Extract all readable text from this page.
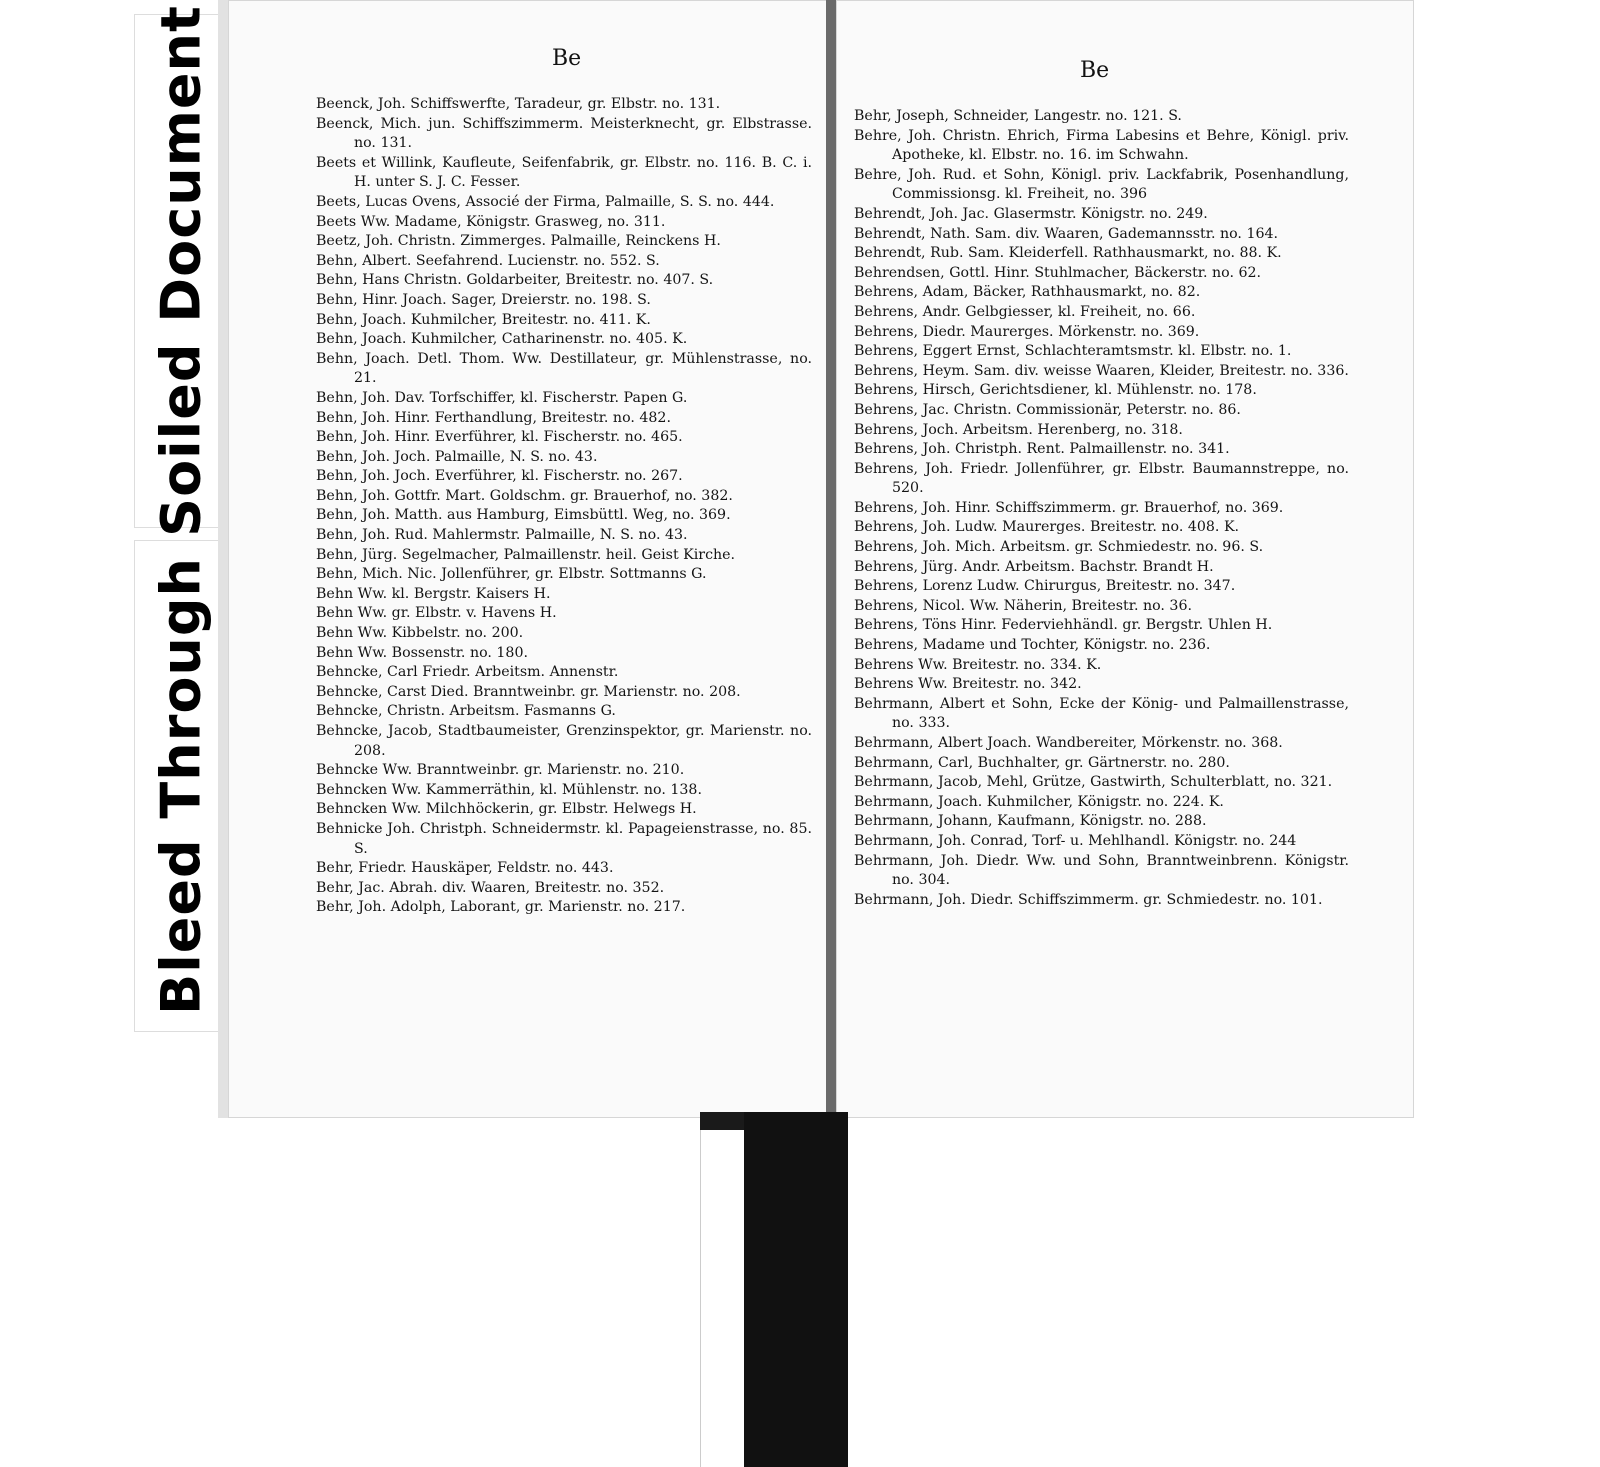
Soiled Document
Bleed Through
Be	Be
Beenck, Joh. Schiffswerfte, Taradeur, gr. Elbstr. no. 131.
Beenck, Mich. jun. Schiffszimmerm. Meisterknecht, gr. Elbstrasse. no. 131.
Beets et Willink, Kaufleute, Seifenfabrik, gr. Elbstr. no. 116. B. C. i. H. unter S. J. C. Fesser.
Beets, Lucas Ovens, Associé der Firma, Palmaille, S. S. no. 444.
Beets Ww. Madame, Königstr. Grasweg, no. 311.
Beetz, Joh. Christn. Zimmerges. Palmaille, Reinckens H.
Behn, Albert. Seefahrend. Lucienstr. no. 552. S.
Behn, Hans Christn. Goldarbeiter, Breitestr. no. 407. S.
Behn, Hinr. Joach. Sager, Dreierstr. no. 198. S.
Behn, Joach. Kuhmilcher, Breitestr. no. 411. K.
Behn, Joach. Kuhmilcher, Catharinenstr. no. 405. K.
Behn, Joach. Detl. Thom. Ww. Destillateur, gr. Mühlenstrasse, no. 21.
Behn, Joh. Dav. Torfschiffer, kl. Fischerstr. Papen G.
Behn, Joh. Hinr. Ferthandlung, Breitestr. no. 482.
Behn, Joh. Hinr. Everführer, kl. Fischerstr. no. 465.
Behn, Joh. Joch. Palmaille, N. S. no. 43.
Behn, Joh. Joch. Everführer, kl. Fischerstr. no. 267.
Behn, Joh. Gottfr. Mart. Goldschm. gr. Brauerhof, no. 382.
Behn, Joh. Matth. aus Hamburg, Eimsbüttl. Weg, no. 369.
Behn, Joh. Rud. Mahlermstr. Palmaille, N. S. no. 43.
Behn, Jürg. Segelmacher, Palmaillenstr. heil. Geist Kirche.
Behn, Mich. Nic. Jollenführer, gr. Elbstr. Sottmanns G.
Behn Ww. kl. Bergstr. Kaisers H.
Behn Ww. gr. Elbstr. v. Havens H.
Behn Ww. Kibbelstr. no. 200.
Behn Ww. Bossenstr. no. 180.
Behncke, Carl Friedr. Arbeitsm. Annenstr.
Behncke, Carst Died. Branntweinbr. gr. Marienstr. no. 208.
Behncke, Christn. Arbeitsm. Fasmanns G.
Behncke, Jacob, Stadtbaumeister, Grenzinspektor, gr. Marienstr. no. 208.
Behncke Ww. Branntweinbr. gr. Marienstr. no. 210.
Behncken Ww. Kammerräthin, kl. Mühlenstr. no. 138.
Behncken Ww. Milchhöckerin, gr. Elbstr. Helwegs H.
Behnicke Joh. Christph. Schneidermstr. kl. Papageienstrasse, no. 85. S.
Behr, Friedr. Hauskäper, Feldstr. no. 443.
Behr, Jac. Abrah. div. Waaren, Breitestr. no. 352.
Behr, Joh. Adolph, Laborant, gr. Marienstr. no. 217.
Behr, Joseph, Schneider, Langestr. no. 121. S.
Behre, Joh. Christn. Ehrich, Firma Labesins et Behre, Königl. priv. Apotheke, kl. Elbstr. no. 16. im Schwahn.
Behre, Joh. Rud. et Sohn, Königl. priv. Lackfabrik, Posenhandlung, Commissionsg. kl. Freiheit, no. 396
Behrendt, Joh. Jac. Glasermstr. Königstr. no. 249.
Behrendt, Nath. Sam. div. Waaren, Gademannsstr. no. 164.
Behrendt, Rub. Sam. Kleiderfell. Rathhausmarkt, no. 88. K.
Behrendsen, Gottl. Hinr. Stuhlmacher, Bäckerstr. no. 62.
Behrens, Adam, Bäcker, Rathhausmarkt, no. 82.
Behrens, Andr. Gelbgiesser, kl. Freiheit, no. 66.
Behrens, Diedr. Maurerges. Mörkenstr. no. 369.
Behrens, Eggert Ernst, Schlachteramtsmstr. kl. Elbstr. no. 1.
Behrens, Heym. Sam. div. weisse Waaren, Kleider, Breitestr. no. 336.
Behrens, Hirsch, Gerichtsdiener, kl. Mühlenstr. no. 178.
Behrens, Jac. Christn. Commissionär, Peterstr. no. 86.
Behrens, Joch. Arbeitsm. Herenberg, no. 318.
Behrens, Joh. Christph. Rent. Palmaillenstr. no. 341.
Behrens, Joh. Friedr. Jollenführer, gr. Elbstr. Baumannstreppe, no. 520.
Behrens, Joh. Hinr. Schiffszimmerm. gr. Brauerhof, no. 369.
Behrens, Joh. Ludw. Maurerges. Breitestr. no. 408. K.
Behrens, Joh. Mich. Arbeitsm. gr. Schmiedestr. no. 96. S.
Behrens, Jürg. Andr. Arbeitsm. Bachstr. Brandt H.
Behrens, Lorenz Ludw. Chirurgus, Breitestr. no. 347.
Behrens, Nicol. Ww. Näherin, Breitestr. no. 36.
Behrens, Töns Hinr. Federviehhändl. gr. Bergstr. Uhlen H.
Behrens, Madame und Tochter, Königstr. no. 236.
Behrens Ww. Breitestr. no. 334. K.
Behrens Ww. Breitestr. no. 342.
Behrmann, Albert et Sohn, Ecke der König- und Palmaillenstrasse, no. 333.
Behrmann, Albert Joach. Wandbereiter, Mörkenstr. no. 368.
Behrmann, Carl, Buchhalter, gr. Gärtnerstr. no. 280.
Behrmann, Jacob, Mehl, Grütze, Gastwirth, Schulterblatt, no. 321.
Behrmann, Joach. Kuhmilcher, Königstr. no. 224. K.
Behrmann, Johann, Kaufmann, Königstr. no. 288.
Behrmann, Joh. Conrad, Torf- u. Mehlhandl. Königstr. no. 244
Behrmann, Joh. Diedr. Ww. und Sohn, Branntweinbrenn. Königstr. no. 304.
Behrmann, Joh. Diedr. Schiffszimmerm. gr. Schmiedestr. no. 101.
